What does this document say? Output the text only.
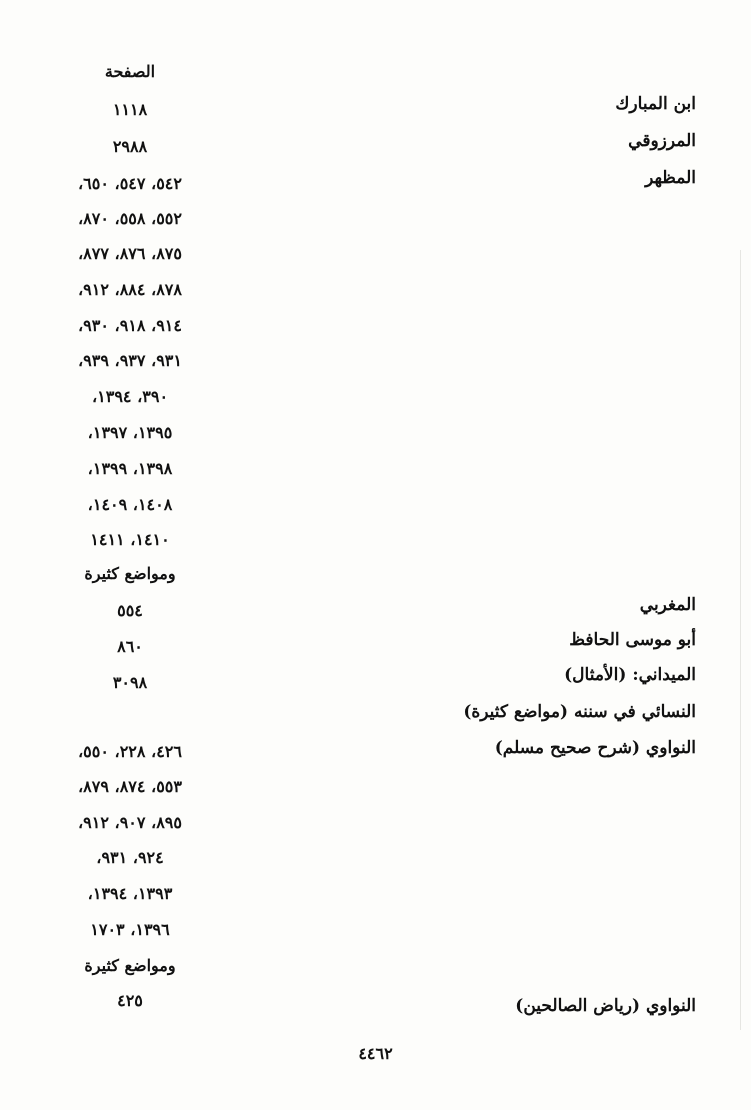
الصفحة
ابن المبارك
المرزوقي
المظهر
المغربي
أبو موسى الحافظ
الميداني: (الأمثال)
النسائي في سننه (مواضع كثيرة)
النواوي (شرح صحيح مسلم)
النواوي (رياض الصالحين)
١١١٨
٢٩٨٨
٥٤٢، ٥٤٧، ٦٥٠،
٥٥٢، ٥٥٨، ٨٧٠،
٨٧٥، ٨٧٦، ٨٧٧،
٨٧٨، ٨٨٤، ٩١٢،
٩١٤، ٩١٨، ٩٣٠،
٩٣١، ٩٣٧، ٩٣٩،
٣٩٠، ١٣٩٤،
١٣٩٥، ١٣٩٧،
١٣٩٨، ١٣٩٩،
١٤٠٨، ١٤٠٩،
١٤١٠، ١٤١١
ومواضع كثيرة
٥٥٤
٨٦٠
٣٠٩٨
٤٢٦، ٢٢٨، ٥٥٠،
٥٥٣، ٨٧٤، ٨٧٩،
٨٩٥، ٩٠٧، ٩١٢،
٩٢٤، ٩٣١،
١٣٩٣، ١٣٩٤،
١٣٩٦، ١٧٠٣
ومواضع كثيرة
٤٢٥
٤٤٦٢
